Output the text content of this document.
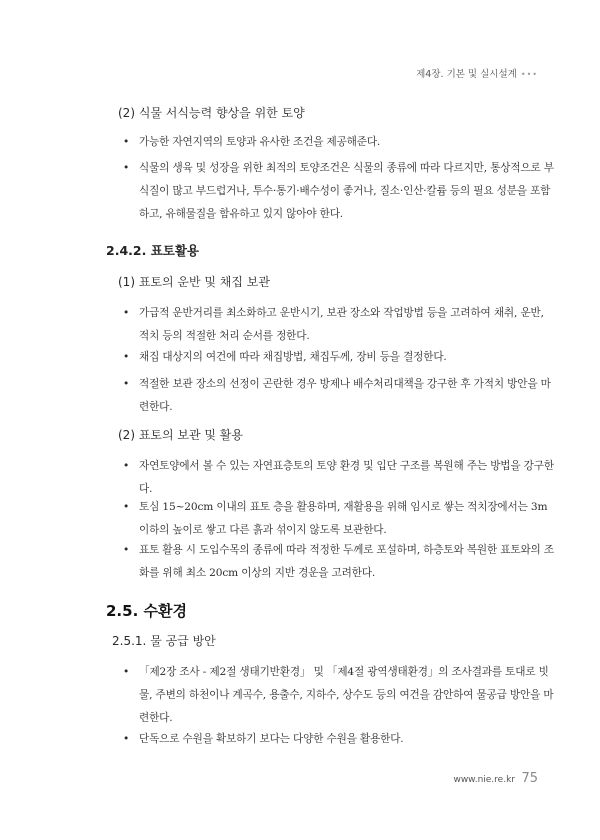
제4장. 기본 및 실시설계 •••
(2) 식물 서식능력 향상을 위한 토양
• 가능한 자연지역의 토양과 유사한 조건을 제공해준다.
• 식물의 생육 및 성장을 위한 최적의 토양조건은 식물의 종류에 따라 다르지만, 통상적으로 부식질이 많고 부드럽거나, 투수·통기·배수성이 좋거나, 질소·인산·칼륨 등의 필요 성분을 포함하고, 유해물질을 함유하고 있지 않아야 한다.
2.4.2. 표토활용
(1) 표토의 운반 및 채집 보관
• 가급적 운반거리를 최소화하고 운반시기, 보관 장소와 작업방법 등을 고려하여 채취, 운반, 적치 등의 적절한 처리 순서를 정한다.
• 채집 대상지의 여건에 따라 채집방법, 채집두께, 장비 등을 결정한다.
• 적절한 보관 장소의 선정이 곤란한 경우 방제나 배수처리대책을 강구한 후 가적치 방안을 마련한다.
(2) 표토의 보관 및 활용
• 자연토양에서 볼 수 있는 자연표층토의 토양 환경 및 입단 구조를 복원해 주는 방법을 강구한다.
• 토심 15~20cm 이내의 표토 층을 활용하며, 재활용을 위해 임시로 쌓는 적치장에서는 3m 이하의 높이로 쌓고 다른 흙과 섞이지 않도록 보관한다.
• 표토 활용 시 도입수목의 종류에 따라 적정한 두께로 포설하며, 하층토와 복원한 표토와의 조화를 위해 최소 20cm 이상의 지반 경운을 고려한다.
2.5. 수환경
2.5.1. 물 공급 방안
• 「제2장 조사 - 제2절 생태기반환경」 및 「제4절 광역생태환경」의 조사결과를 토대로 빗물, 주변의 하천이나 계곡수, 용출수, 지하수, 상수도 등의 여건을 감안하여 물공급 방안을 마련한다.
• 단독으로 수원을 확보하기 보다는 다양한 수원을 활용한다.
www.nie.re.kr 75
